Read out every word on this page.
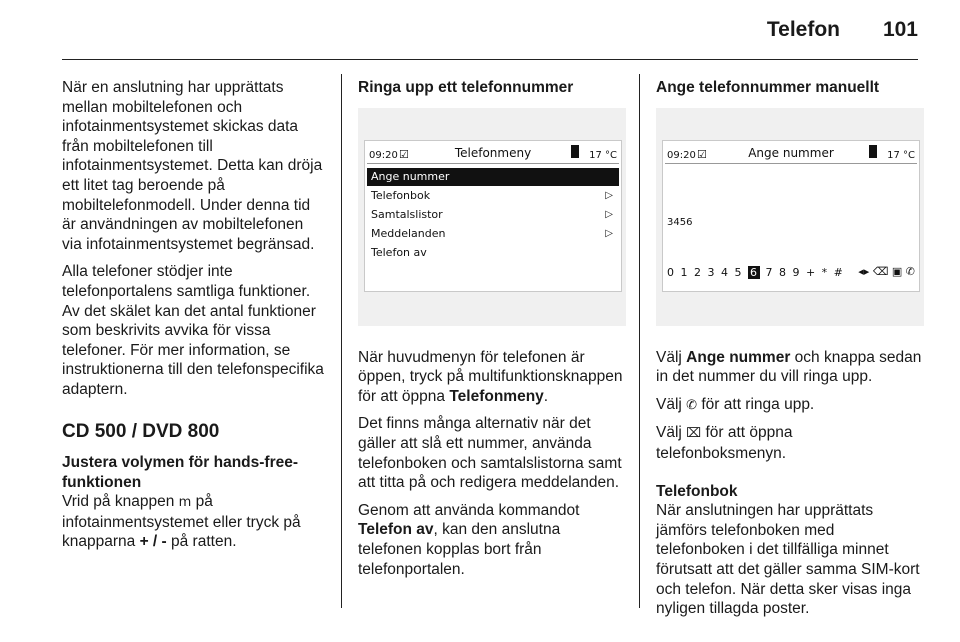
Telefon 101

När en anslutning har upprättats mellan mobiltelefonen och infotainmentsystemet skickas data från mobiltelefonen till infotainmentsystemet. Detta kan dröja ett litet tag beroende på mobiltelefonmodell. Under denna tid är användningen av mobiltelefonen via infotainmentsystemet begränsad.

Alla telefoner stödjer inte telefonportalens samtliga funktioner. Av det skälet kan det antal funktioner som beskrivits avvika för vissa telefoner. För mer information, se instruktionerna till den telefonspecifika adaptern.

CD 500 / DVD 800
Justera volymen för hands-free-funktionen

Vrid på knappen m på infotainmentsystemet eller tryck på knapparna + / - på ratten.

Ringa upp ett telefonnummer
09:20 ☑	Telefonmeny	17 °C
Ange nummer
Telefonbok	▷
Samtalslistor	▷
Meddelanden	▷
Telefon av

När huvudmenyn för telefonen är öppen, tryck på multifunktionsknappen för att öppna Telefonmeny.

Det finns många alternativ när det gäller att slå ett nummer, använda telefonboken och samtalslistorna samt att titta på och redigera meddelanden.

Genom att använda kommandot Telefon av, kan den anslutna telefonen kopplas bort från telefonportalen.

Ange telefonnummer manuellt
09:20 ☑	Ange nummer	17 °C
3456
0 1 2 3 4 5 6 7 8 9 + * # ◂▸ ⌫ ▣ ✆

Välj Ange nummer och knappa sedan in det nummer du vill ringa upp.

Välj ✆ för att ringa upp.

Välj ⌧ för att öppna telefonboksmenyn.

Telefonbok

När anslutningen har upprättats jämförs telefonboken med telefonboken i det tillfälliga minnet förutsatt att det gäller samma SIM-kort och telefon. När detta sker visas inga nyligen tillagda poster.
